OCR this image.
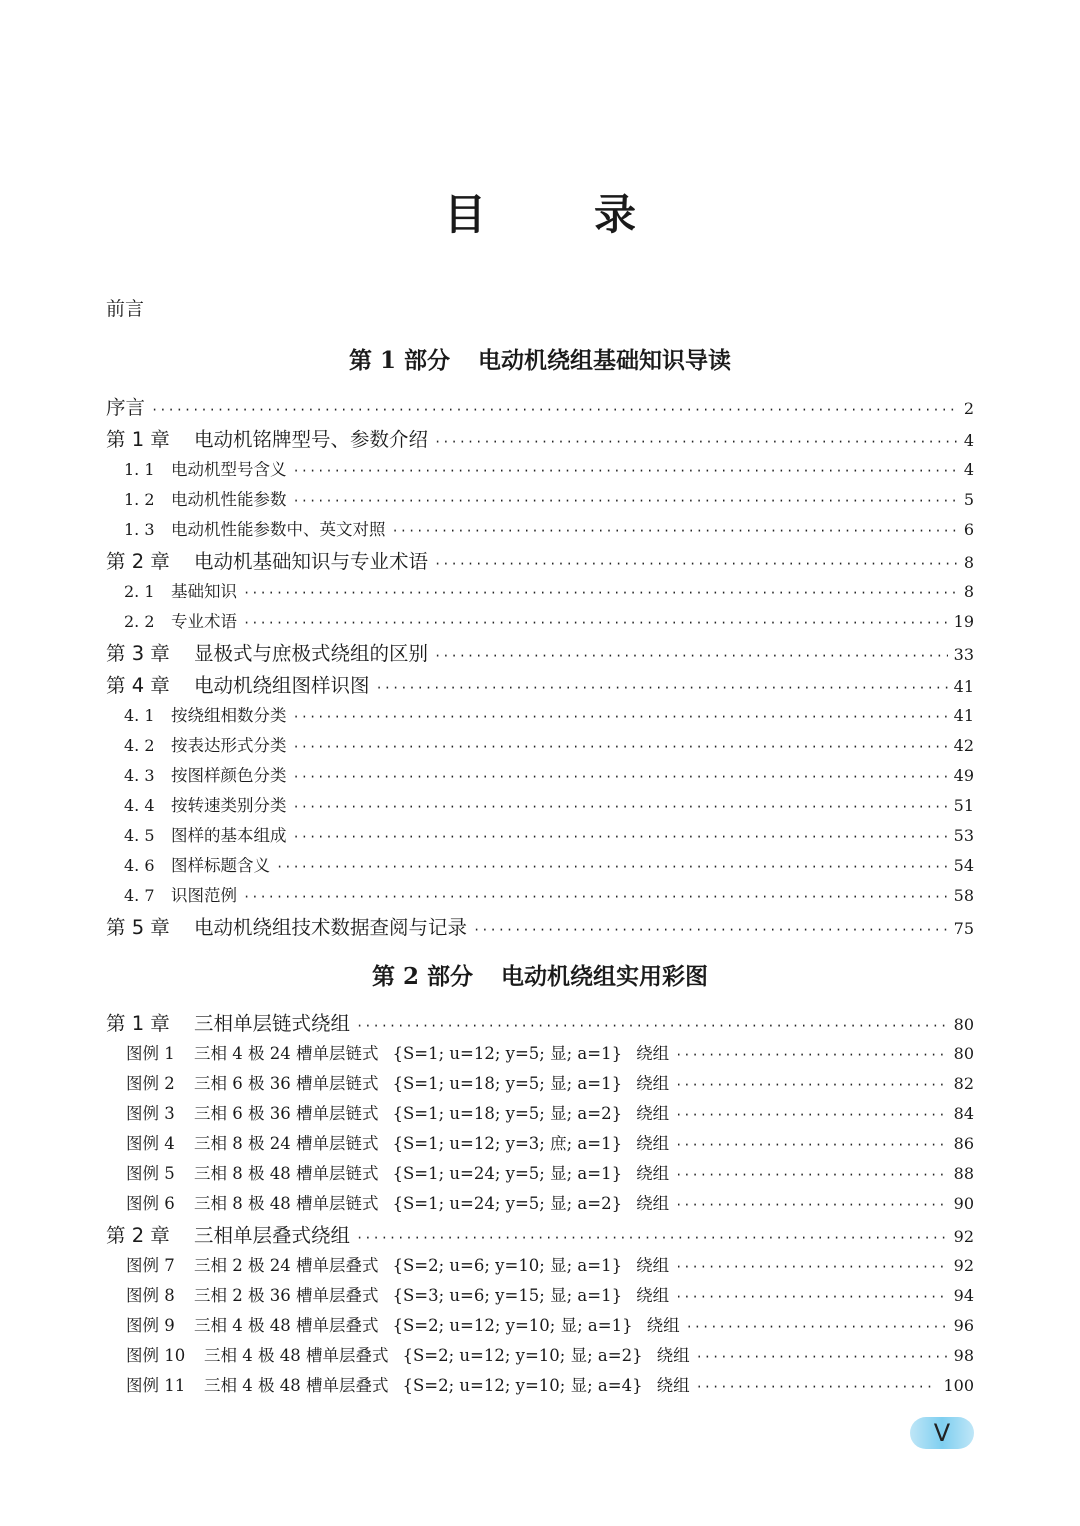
目	录
前言
第 1 部分 电动机绕组基础知识导读
序言 ·····	2
第 1 章 电动机铭牌型号、参数介绍 ·····	4
1. 1 电动机型号含义 ·····	4
1. 2 电动机性能参数 ·····	5
1. 3 电动机性能参数中、英文对照 ·····	6
第 2 章 电动机基础知识与专业术语 ·····	8
2. 1 基础知识 ·····	8
2. 2 专业术语 ·····	19
第 3 章 显极式与庶极式绕组的区别 ·····	33
第 4 章 电动机绕组图样识图 ·····	41
4. 1 按绕组相数分类 ·····	41
4. 2 按表达形式分类 ·····	42
4. 3 按图样颜色分类 ·····	49
4. 4 按转速类别分类 ·····	51
4. 5 图样的基本组成 ·····	53
4. 6 图样标题含义 ·····	54
4. 7 识图范例 ·····	58
第 5 章 电动机绕组技术数据查阅与记录 ·····	75
第 2 部分 电动机绕组实用彩图
第 1 章 三相单层链式绕组 ·····	80
图例 1 三相 4 极 24 槽单层链式 {S=1; u=12; y=5; 显; a=1} 绕组 ·····	80
图例 2 三相 6 极 36 槽单层链式 {S=1; u=18; y=5; 显; a=1} 绕组 ·····	82
图例 3 三相 6 极 36 槽单层链式 {S=1; u=18; y=5; 显; a=2} 绕组 ·····	84
图例 4 三相 8 极 24 槽单层链式 {S=1; u=12; y=3; 庶; a=1} 绕组 ·····	86
图例 5 三相 8 极 48 槽单层链式 {S=1; u=24; y=5; 显; a=1} 绕组 ·····	88
图例 6 三相 8 极 48 槽单层链式 {S=1; u=24; y=5; 显; a=2} 绕组 ·····	90
第 2 章 三相单层叠式绕组 ·····	92
图例 7 三相 2 极 24 槽单层叠式 {S=2; u=6; y=10; 显; a=1} 绕组 ·····	92
图例 8 三相 2 极 36 槽单层叠式 {S=3; u=6; y=15; 显; a=1} 绕组 ·····	94
图例 9 三相 4 极 48 槽单层叠式 {S=2; u=12; y=10; 显; a=1} 绕组 ·····	96
图例 10 三相 4 极 48 槽单层叠式 {S=2; u=12; y=10; 显; a=2} 绕组 ·····	98
图例 11 三相 4 极 48 槽单层叠式 {S=2; u=12; y=10; 显; a=4} 绕组 ·····	100
V
